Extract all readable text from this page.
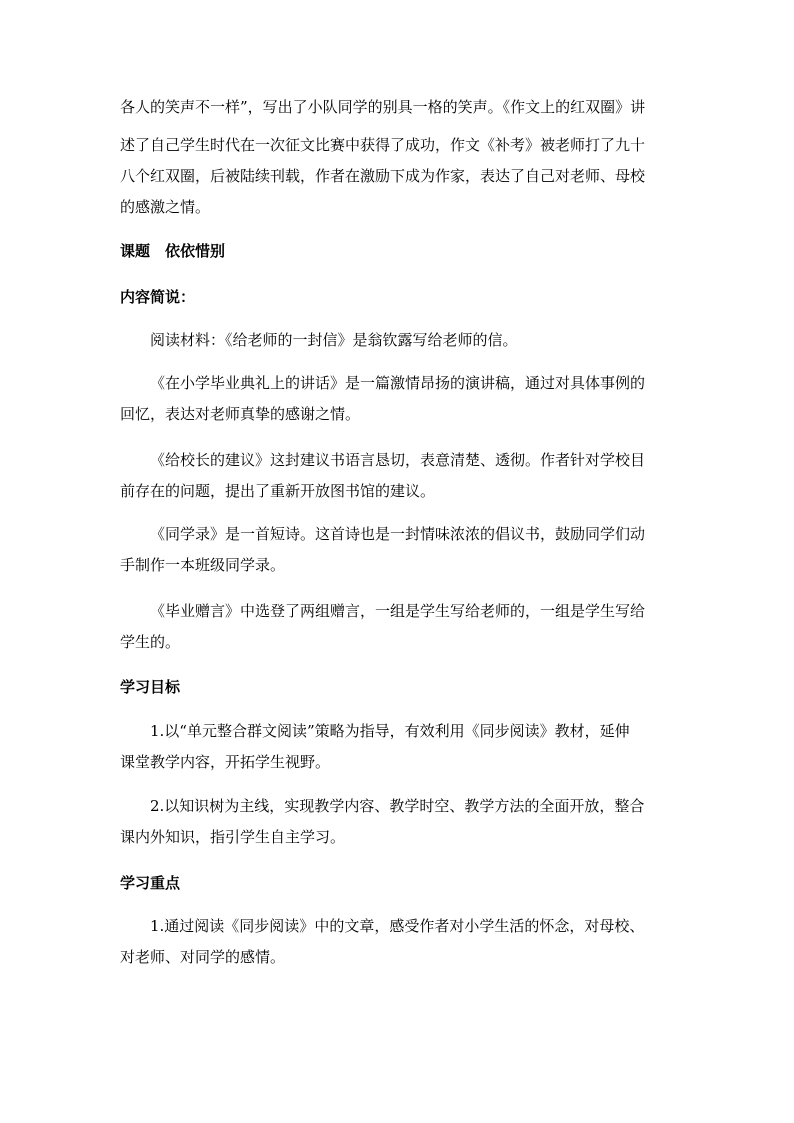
各人的笑声不一样”，写出了小队同学的别具一格的笑声。《作文上的红双圈》讲
述了自己学生时代在一次征文比赛中获得了成功，作文《补考》被老师打了九十
八个红双圈，后被陆续刊载，作者在激励下成为作家，表达了自己对老师、母校
的感激之情。
课题　依依惜别
内容简说：
阅读材料：《给老师的一封信》是翁钦露写给老师的信。
《在小学毕业典礼上的讲话》是一篇激情昂扬的演讲稿，通过对具体事例的
回忆，表达对老师真挚的感谢之情。
《给校长的建议》这封建议书语言恳切，表意清楚、透彻。作者针对学校目
前存在的问题，提出了重新开放图书馆的建议。
《同学录》是一首短诗。这首诗也是一封情味浓浓的倡议书，鼓励同学们动
手制作一本班级同学录。
《毕业赠言》中选登了两组赠言，一组是学生写给老师的，一组是学生写给
学生的。
学习目标
1.以“单元整合群文阅读”策略为指导，有效利用《同步阅读》教材，延伸
课堂教学内容，开拓学生视野。
2.以知识树为主线，实现教学内容、教学时空、教学方法的全面开放，整合
课内外知识，指引学生自主学习。
学习重点
1.通过阅读《同步阅读》中的文章，感受作者对小学生活的怀念，对母校、
对老师、对同学的感情。
